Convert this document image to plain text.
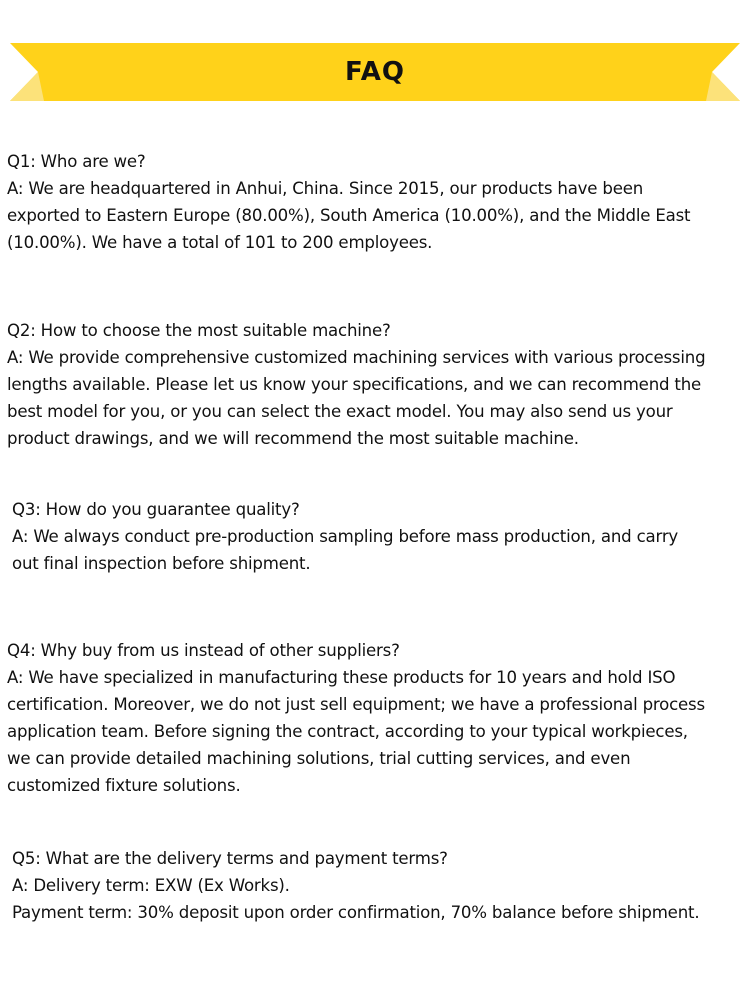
FAQ
Q1: Who are we?
A: We are headquartered in Anhui, China. Since 2015, our products have been
exported to Eastern Europe (80.00%), South America (10.00%), and the Middle East
(10.00%). We have a total of 101 to 200 employees.
Q2: How to choose the most suitable machine?
A: We provide comprehensive customized machining services with various processing
lengths available. Please let us know your specifications, and we can recommend the
best model for you, or you can select the exact model. You may also send us your
product drawings, and we will recommend the most suitable machine.
Q3: How do you guarantee quality?
A: We always conduct pre-production sampling before mass production, and carry
out final inspection before shipment.
Q4: Why buy from us instead of other suppliers?
A: We have specialized in manufacturing these products for 10 years and hold ISO
certification. Moreover, we do not just sell equipment; we have a professional process
application team. Before signing the contract, according to your typical workpieces,
we can provide detailed machining solutions, trial cutting services, and even
customized fixture solutions.
Q5: What are the delivery terms and payment terms?
A: Delivery term: EXW (Ex Works).
Payment term: 30% deposit upon order confirmation, 70% balance before shipment.
